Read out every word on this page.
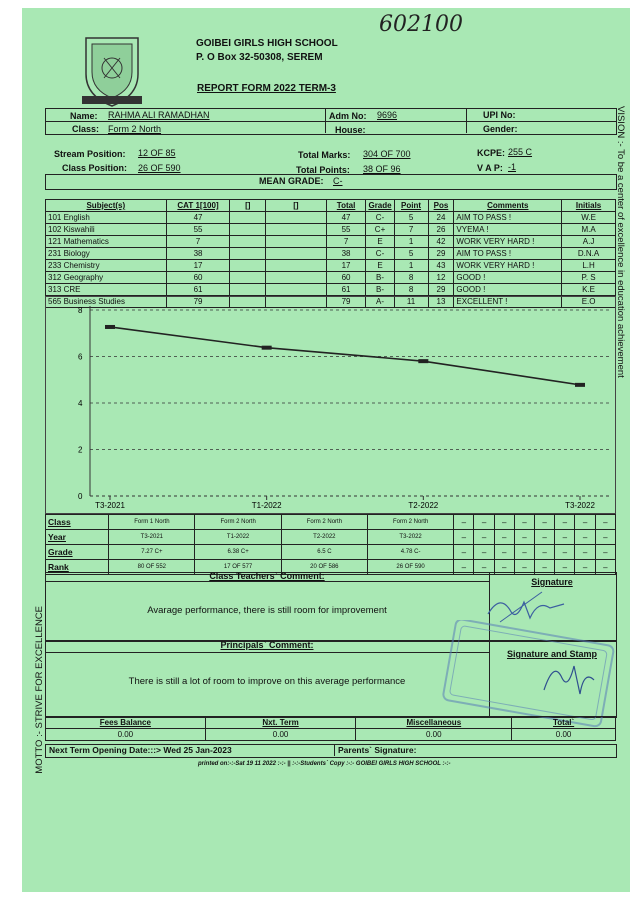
602100
GOIBEI GIRLS HIGH SCHOOL
P. O Box 32-50308, SEREM
REPORT FORM 2022 TERM-3
Name: RAHMA ALI RAMADHAN	Adm No: 9696	UPI No:
Class: Form 2 North	House:	Gender:
Stream Position: 12 OF 85
Class Position: 26 OF 590
Total Marks: 304 OF 700
Total Points: 38 OF 96
KCPE: 255 C
V A P: -1
MEAN GRADE: C-
Subject(s)	CAT 1[100]	[]	[]	Total	Grade	Point	Pos	Comments	Initials
101 English	47			47	C-	5	24	AIM TO PASS !	W.E
102 Kiswahili	55			55	C+	7	26	VYEMA !	M.A
121 Mathematics	7			7	E	1	42	WORK VERY HARD !	A.J
231 Biology	38			38	C-	5	29	AIM TO PASS !	D.N.A
233 Chemistry	17			17	E	1	43	WORK VERY HARD !	L.H
312 Geography	60			60	B-	8	12	GOOD !	P. S
313 CRE	61			61	B-	8	29	GOOD !	K.E
565 Business Studies	79			79	A-	11	13	EXCELLENT !	E.O
0
2
4
6
8
T3-2021	T1-2022	T2-2022	T3-2022
Class	Form 1 North	Form 2 North	Form 2 North	Form 2 North	–	–	–	–	–	–	–	–
Year	T3-2021	T1-2022	T2-2022	T3-2022	–	–	–	–	–	–	–	–
Grade	7.27 C+	6.38 C+	6.5 C	4.78 C-	–	–	–	–	–	–	–	–
Rank	80 OF 552	17 OF 577	20 OF 586	26 OF 590	–	–	–	–	–	–	–	–
Class Teachers` Comment:
Signature
Avarage performance, there is still room for improvement
Principals` Comment:
Signature and Stamp
There is still a lot of room to improve on this average performance
Fees Balance	Nxt. Term	Miscellaneous	Total`
0.00	0.00	0.00	0.00
Next Term Opening Date:::> Wed 25 Jan-2023	Parents` Signature:
printed on:-:-Sat 19 11 2022 :-:- || :-:-Students` Copy :-:- GOIBEI GIRLS HIGH SCHOOL :-:-
VISION :- To be a center of excellence in education achievement
MOTTO :- STRIVE FOR EXCELLENCE
